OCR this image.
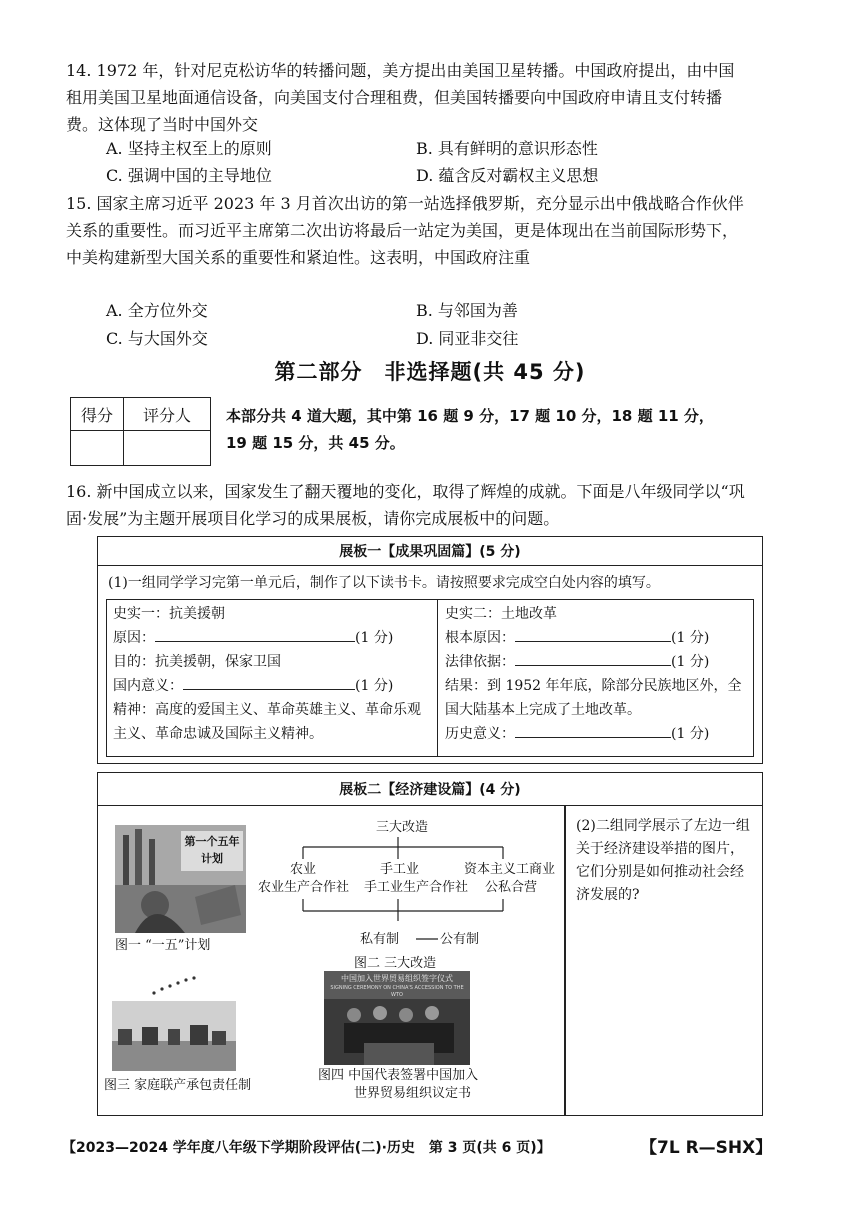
14. 1972 年，针对尼克松访华的转播问题，美方提出由美国卫星转播。中国政府提出，由中国租用美国卫星地面通信设备，向美国支付合理租费，但美国转播要向中国政府申请且支付转播费。这体现了当时中国外交
A. 坚持主权至上的原则	B. 具有鲜明的意识形态性
C. 强调中国的主导地位	D. 蕴含反对霸权主义思想
15. 国家主席习近平 2023 年 3 月首次出访的第一站选择俄罗斯，充分显示出中俄战略合作伙伴关系的重要性。而习近平主席第二次出访将最后一站定为美国，更是体现出在当前国际形势下，中美构建新型大国关系的重要性和紧迫性。这表明，中国政府注重
A. 全方位外交	B. 与邻国为善
C. 与大国外交	D. 同亚非交往
第二部分　非选择题(共 45 分)
得分	评分人
	本部分共 4 道大题，其中第 16 题 9 分，17 题 10 分，18 题 11 分，19 题 15 分，共 45 分。
16. 新中国成立以来，国家发生了翻天覆地的变化，取得了辉煌的成就。下面是八年级同学以“巩固·发展”为主题开展项目化学习的成果展板，请你完成展板中的问题。
展板一【成果巩固篇】(5 分)
(1)一组同学学习完第一单元后，制作了以下读书卡。请按照要求完成空白处内容的填写。
史实一：抗美援朝
原因：	(1 分)
目的：抗美援朝，保家卫国
国内意义：	(1 分)
精神：高度的爱国主义、革命英雄主义、革命乐观主义、革命忠诚及国际主义精神。
史实二：土地改革
根本原因：	(1 分)
法律依据：	(1 分)
结果：到 1952 年年底，除部分民族地区外，全国大陆基本上完成了土地改革。
历史意义：	(1 分)
展板二【经济建设篇】(4 分)
第一个五年计划
图一 “一五”计划
三大改造
农业	手工业	资本主义工商业
农业生产合作社 手工业生产合作社 公私合营
私有制	公有制
图二 三大改造
图三 家庭联产承包责任制
中国加入世界贸易组织签字仪式
SIGNING CEREMONY ON CHINA'S ACCESSION TO THE WTO
图四 中国代表签署中国加入
世界贸易组织议定书
(2)二组同学展示了左边一组关于经济建设举措的图片，它们分别是如何推动社会经济发展的?
【2023—2024 学年度八年级下学期阶段评估(二)·历史　第 3 页(共 6 页)】	【7L R—SHX】
